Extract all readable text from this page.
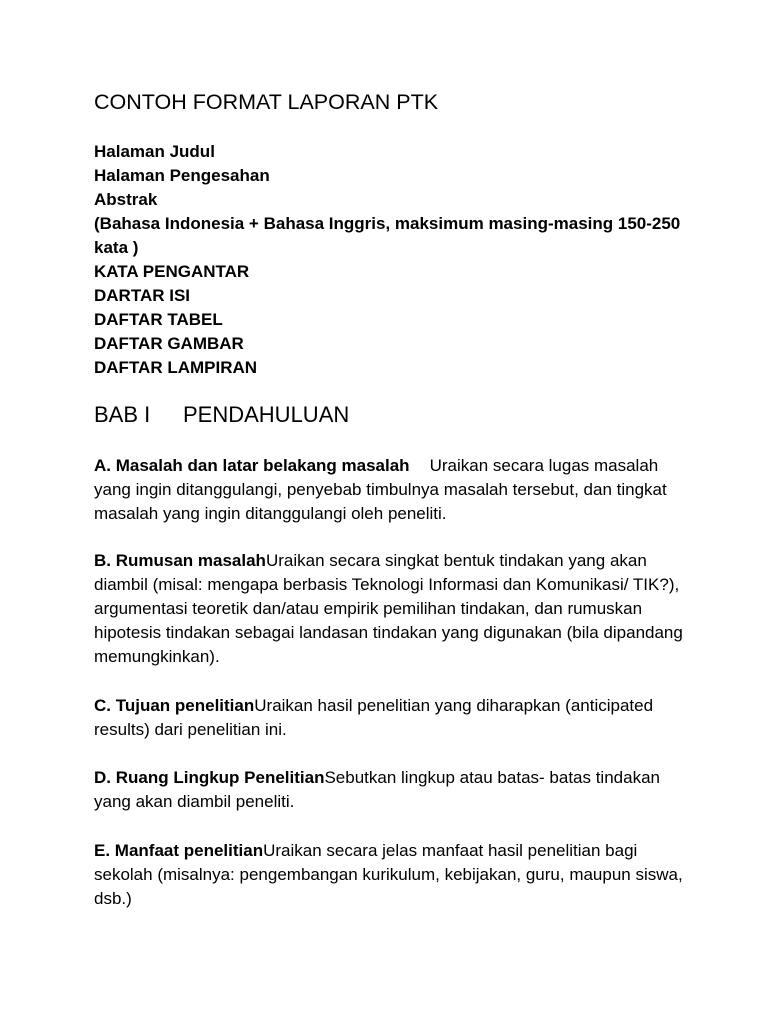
CONTOH FORMAT LAPORAN PTK
Halaman Judul
Halaman Pengesahan
Abstrak
(Bahasa Indonesia + Bahasa Inggris, maksimum masing-masing 150-250 kata )
KATA PENGANTAR
DARTAR ISI
DAFTAR TABEL
DAFTAR GAMBAR
DAFTAR LAMPIRAN
BAB I PENDAHULUAN

A. Masalah dan latar belakang masalah Uraikan secara lugas masalah yang ingin ditanggulangi, penyebab timbulnya masalah tersebut, dan tingkat masalah yang ingin ditanggulangi oleh peneliti.

B. Rumusan masalahUraikan secara singkat bentuk tindakan yang akan diambil (misal: mengapa berbasis Teknologi Informasi dan Komunikasi/ TIK?), argumentasi teoretik dan/atau empirik pemilihan tindakan, dan rumuskan hipotesis tindakan sebagai landasan tindakan yang digunakan (bila dipandang memungkinkan).

C. Tujuan penelitianUraikan hasil penelitian yang diharapkan (anticipated results) dari penelitian ini.

D. Ruang Lingkup PenelitianSebutkan lingkup atau batas- batas tindakan yang akan diambil peneliti.

E. Manfaat penelitianUraikan secara jelas manfaat hasil penelitian bagi sekolah (misalnya: pengembangan kurikulum, kebijakan, guru, maupun siswa, dsb.)
